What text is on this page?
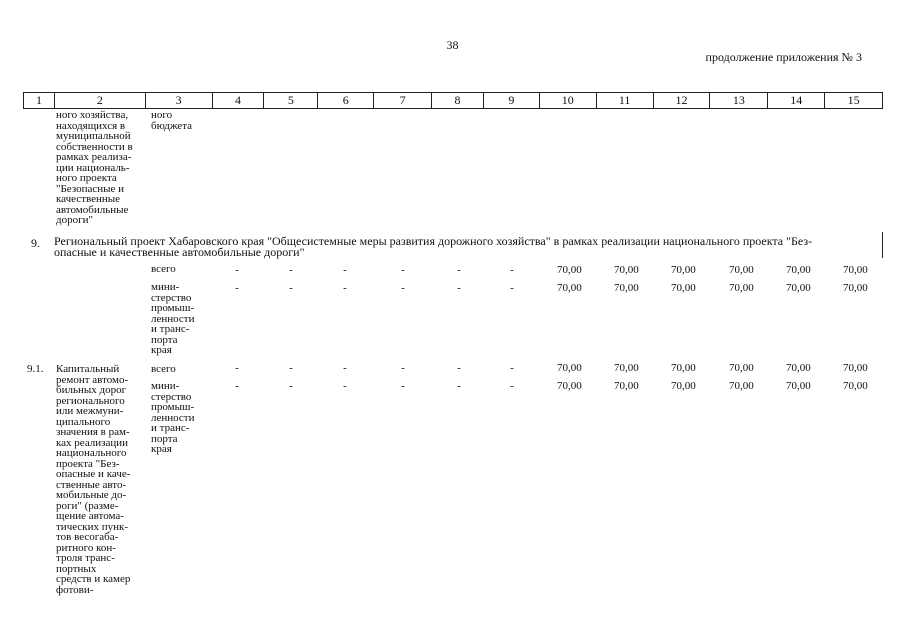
38
продолжение приложения № 3
1	2	3	4	5	6	7	8	9	10	11	12	13	14	15
ного хозяйства,
находящихся в
муниципальной
собственности в
рамках реализа-
ции националь-
ного проекта
"Безопасные и
качественные
автомобильные
дороги"
ного
бюджета
9. Региональный проект Хабаровского края "Общесистемные меры развития дорожного хозяйства" в рамках реализации национального проекта "Без-
опасные и качественные автомобильные дороги"
всего	-	-	-	-	-	-	70,00	70,00	70,00	70,00	70,00	70,00
мини-
стерство
промыш-
ленности
и транс-
порта
края
-	-	-	-	-	-	70,00	70,00	70,00	70,00	70,00	70,00
9.1.	Капитальный
ремонт автомо-
бильных дорог
регионального
или межмуни-
ципального
значения в рам-
ках реализации
национального
проекта "Без-
опасные и каче-
ственные авто-
мобильные до-
роги" (разме-
щение автома-
тических пунк-
тов весогаба-
ритного кон-
троля транс-
портных
средств и камер
фотови-
всего	-	-	-	-	-	-	70,00	70,00	70,00	70,00	70,00	70,00
мини-
стерство
промыш-
ленности
и транс-
порта
края
-	-	-	-	-	-	70,00	70,00	70,00	70,00	70,00	70,00
